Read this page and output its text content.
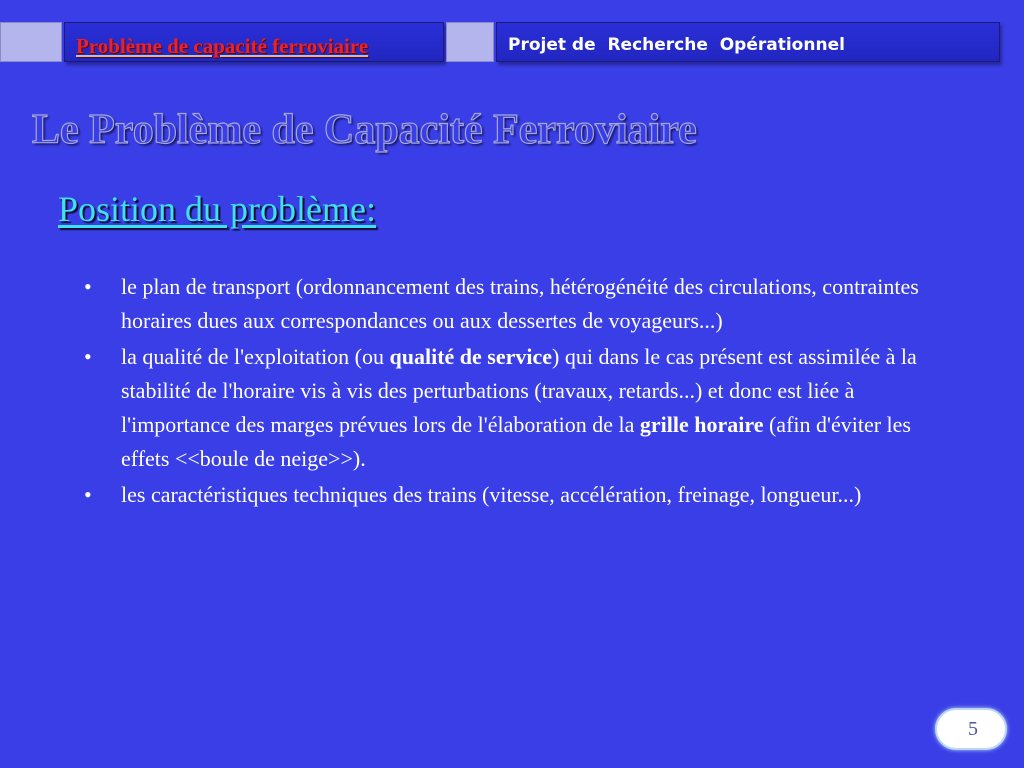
Problème de capacité ferroviaire	Projet de  Recherche  Opérationnel
Le Problème de Capacité Ferroviaire
Position du problème:
• le plan de transport (ordonnancement des trains, hétérogénéité des circulations, contraintes horaires dues aux correspondances ou aux dessertes de voyageurs...)
• la qualité de l'exploitation (ou qualité de service) qui dans le cas présent est assimilée à la stabilité de l'horaire vis à vis des perturbations (travaux, retards...) et donc est liée à l'importance des marges prévues lors de l'élaboration de la grille horaire (afin d'éviter les effets <<boule de neige>>).
• les caractéristiques techniques des trains (vitesse, accélération, freinage, longueur...)
5
